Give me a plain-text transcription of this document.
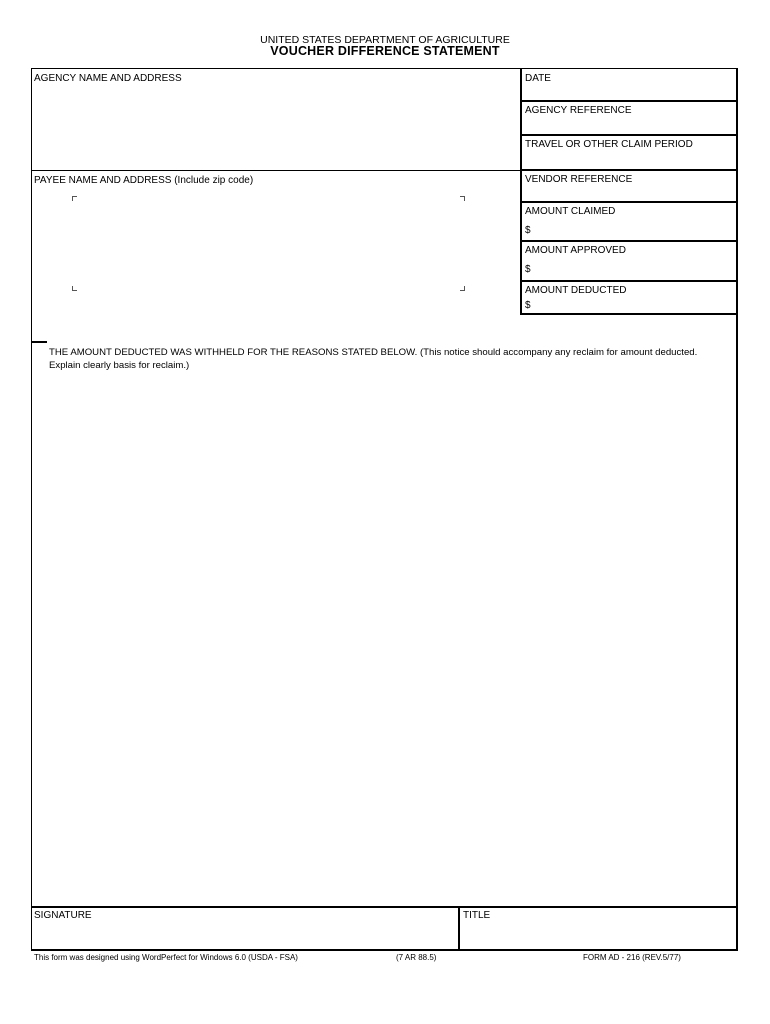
UNITED STATES DEPARTMENT OF AGRICULTURE
VOUCHER DIFFERENCE STATEMENT
AGENCY NAME AND ADDRESS
PAYEE NAME AND ADDRESS (Include zip code)
DATE
AGENCY REFERENCE
TRAVEL OR OTHER CLAIM PERIOD
VENDOR REFERENCE
AMOUNT CLAIMED
$
AMOUNT APPROVED
$
AMOUNT DEDUCTED
$
THE AMOUNT DEDUCTED WAS WITHHELD FOR THE REASONS STATED BELOW. (This notice should accompany any reclaim for amount deducted.
Explain clearly basis for reclaim.)
SIGNATURE	TITLE
This form was designed using WordPerfect for Windows 6.0 (USDA - FSA)	(7 AR 88.5)	FORM AD - 216 (REV.5/77)
